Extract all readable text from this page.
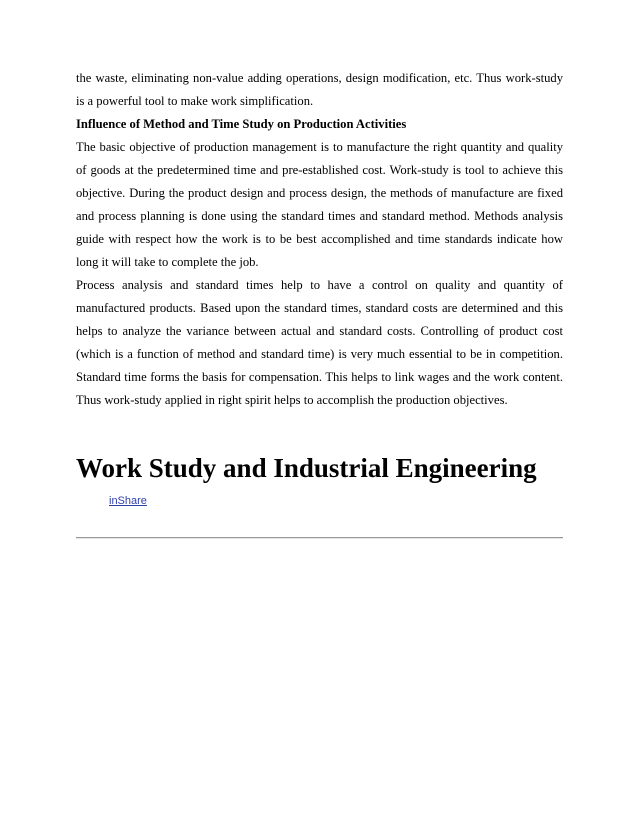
the waste, eliminating non-value adding operations, design modification, etc. Thus work-study is a powerful tool to make work simplification.

Influence of Method and Time Study on Production Activities

The basic objective of production management is to manufacture the right quantity and quality of goods at the predetermined time and pre-established cost. Work-study is tool to achieve this objective. During the product design and process design, the methods of manufacture are fixed and process planning is done using the standard times and standard method. Methods analysis guide with respect how the work is to be best accomplished and time standards indicate how long it will take to complete the job.

Process analysis and standard times help to have a control on quality and quantity of manufactured products. Based upon the standard times, standard costs are determined and this helps to analyze the variance between actual and standard costs. Controlling of product cost (which is a function of method and standard time) is very much essential to be in competition. Standard time forms the basis for compensation. This helps to link wages and the work content. Thus work-study applied in right spirit helps to accomplish the production objectives.

Work Study and Industrial Engineering
inShare
